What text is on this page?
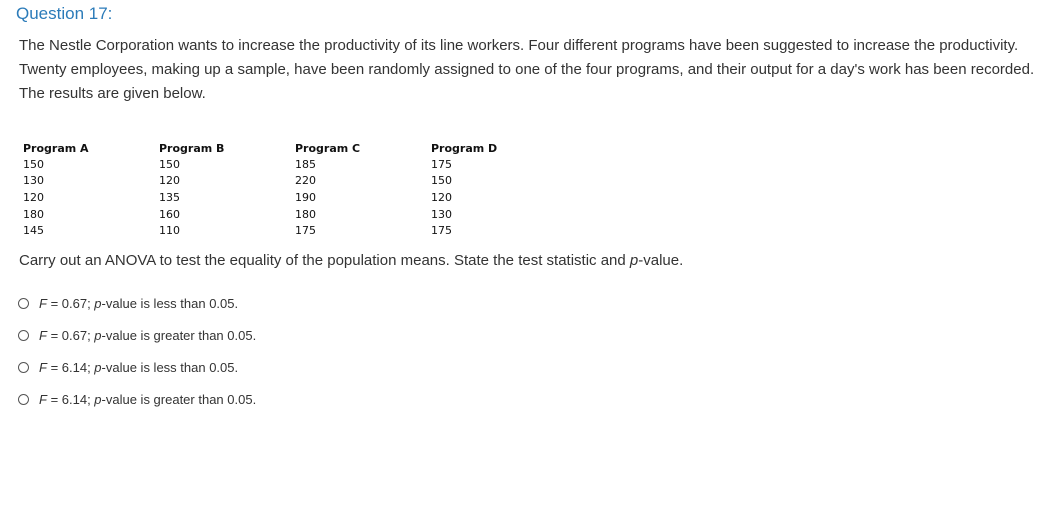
Question 17:

The Nestle Corporation wants to increase the productivity of its line workers. Four different programs have been suggested to increase the productivity. Twenty employees, making up a sample, have been randomly assigned to one of the four programs, and their output for a day's work has been recorded.

The results are given below.

Program A	Program B	Program C	Program D
150	150	185	175
130	120	220	150
120	135	190	120
180	160	180	130
145	110	175	175
Carry out an ANOVA to test the equality of the population means. State the test statistic and p-value.
F = 0.67; p-value is less than 0.05.
F = 0.67; p-value is greater than 0.05.
F = 6.14; p-value is less than 0.05.
F = 6.14; p-value is greater than 0.05.
